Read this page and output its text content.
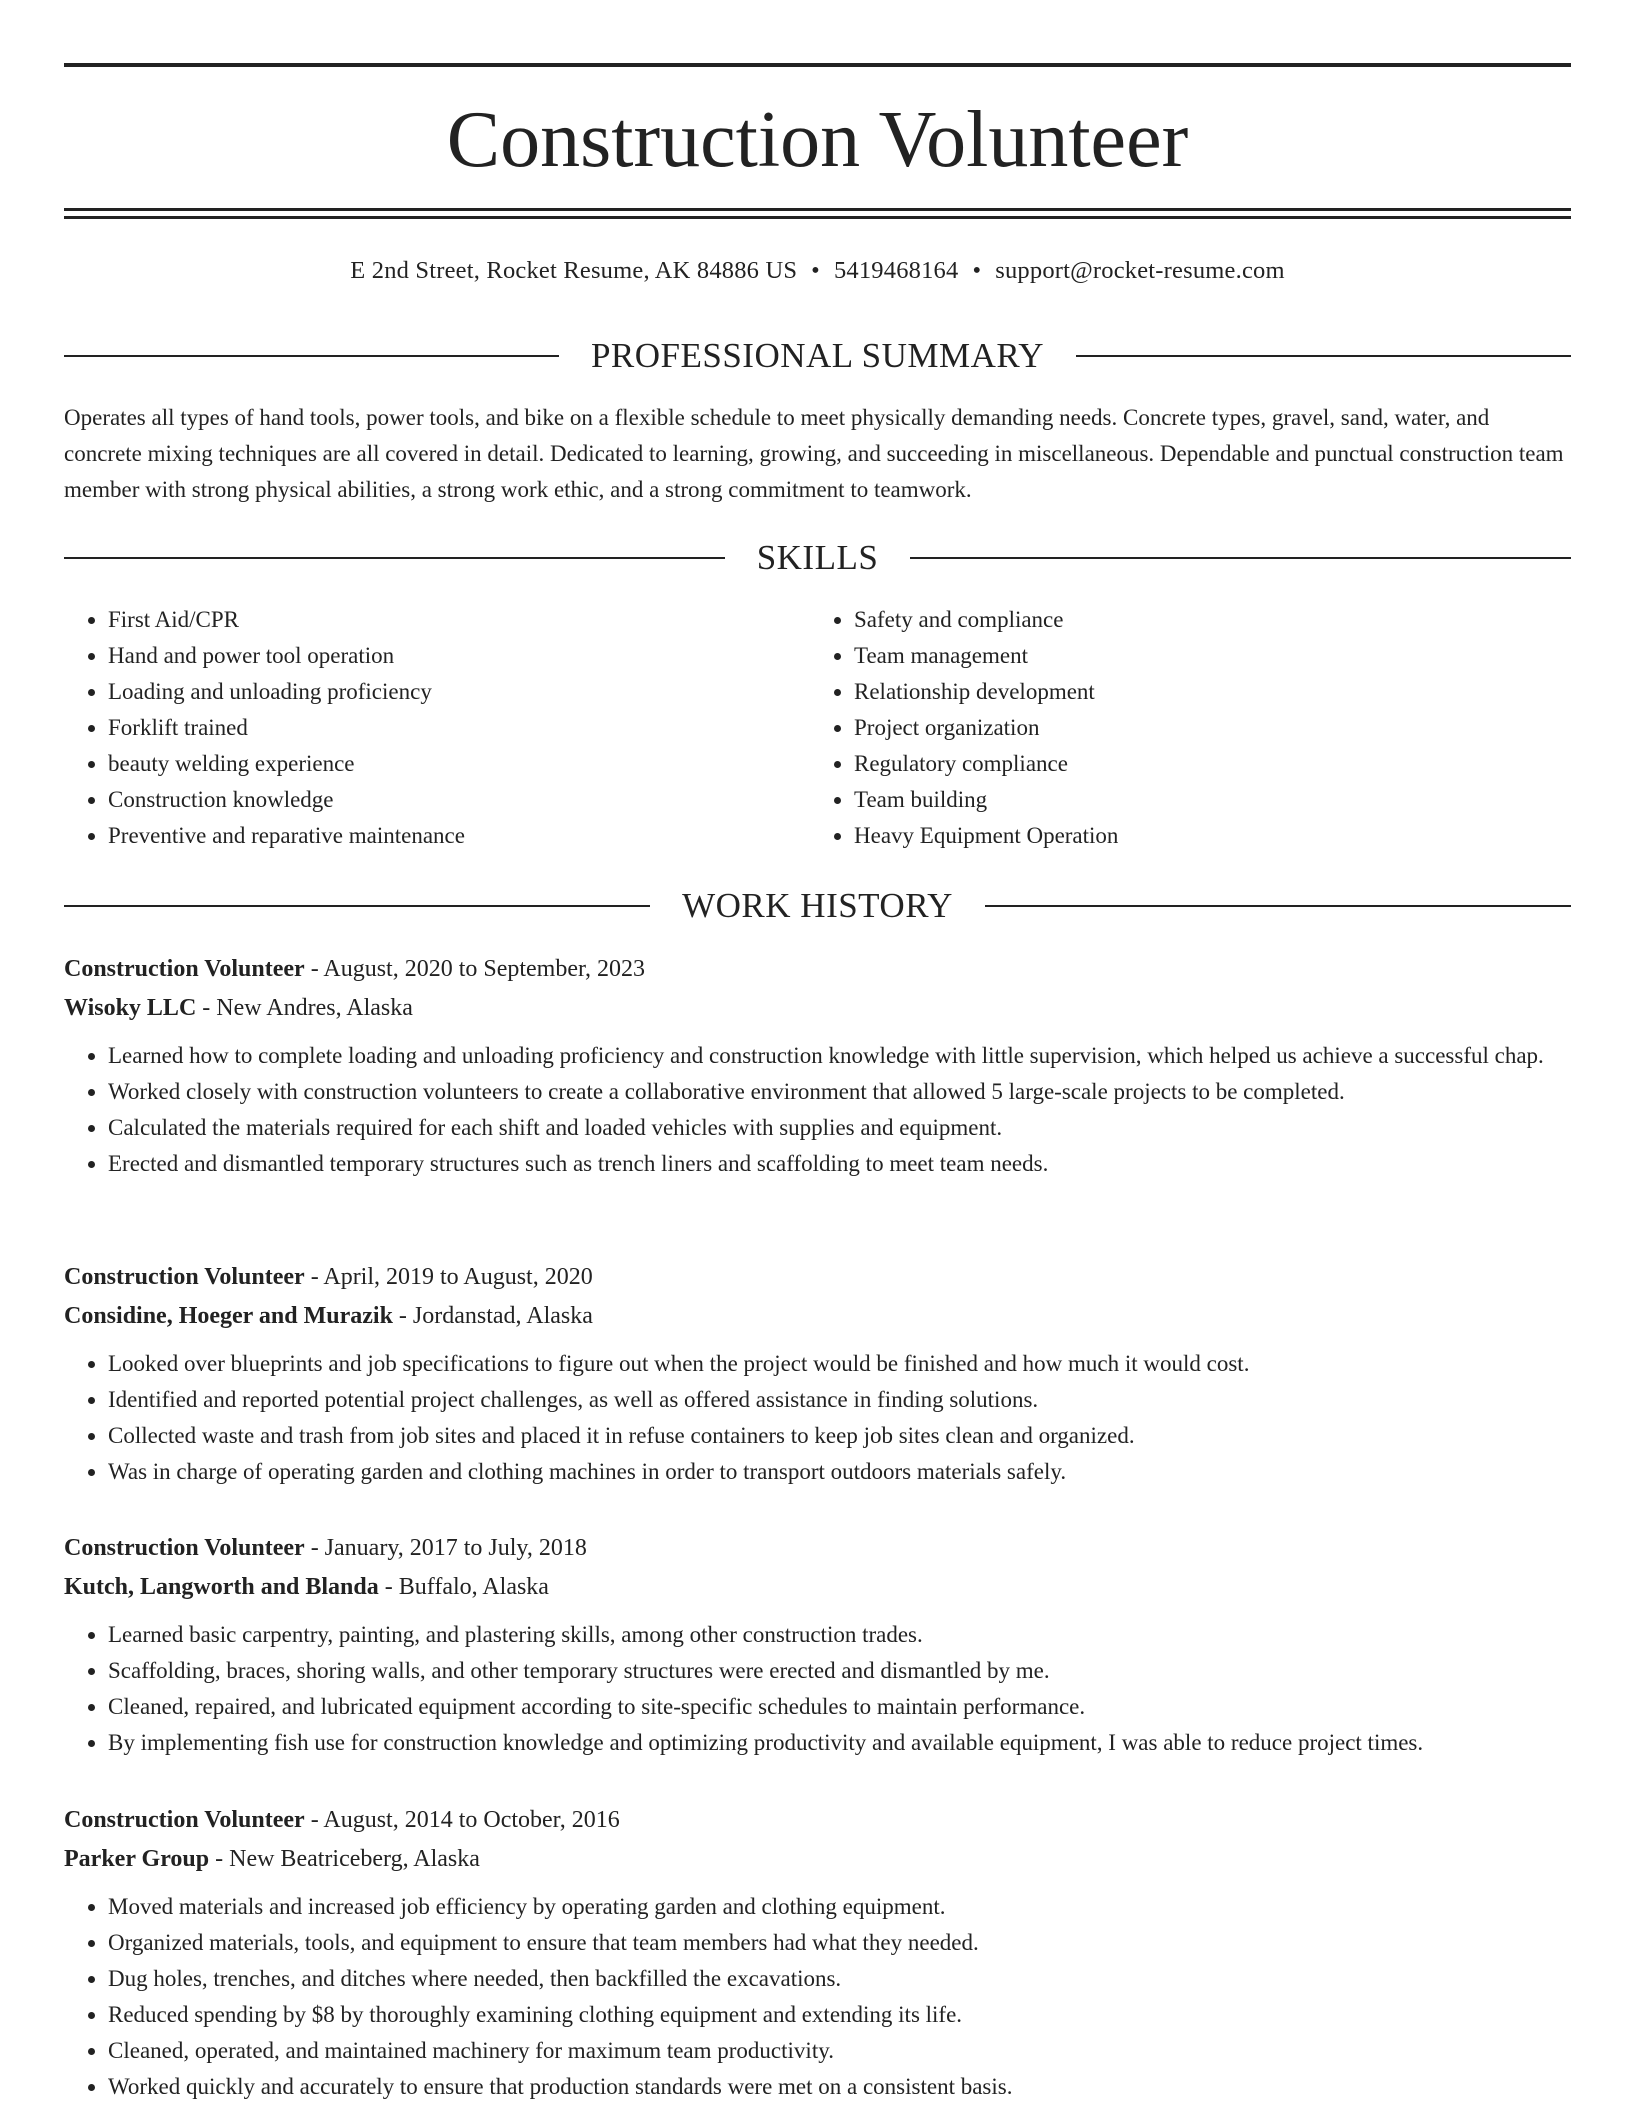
Construction Volunteer
E 2nd Street, Rocket Resume, AK 84886 US • 5419468164 • support@rocket-resume.com
PROFESSIONAL SUMMARY

Operates all types of hand tools, power tools, and bike on a flexible schedule to meet physically demanding needs. Concrete types, gravel, sand, water, and concrete mixing techniques are all covered in detail. Dedicated to learning, growing, and succeeding in miscellaneous. Dependable and punctual construction team member with strong physical abilities, a strong work ethic, and a strong commitment to teamwork.

SKILLS
• First Aid/CPR
• Hand and power tool operation
• Loading and unloading proficiency
• Forklift trained
• beauty welding experience
• Construction knowledge
• Preventive and reparative maintenance
• Safety and compliance
• Team management
• Relationship development
• Project organization
• Regulatory compliance
• Team building
• Heavy Equipment Operation
WORK HISTORY
Construction Volunteer - August, 2020 to September, 2023
Wisoky LLC - New Andres, Alaska
• Learned how to complete loading and unloading proficiency and construction knowledge with little supervision, which helped us achieve a successful chap.
• Worked closely with construction volunteers to create a collaborative environment that allowed 5 large-scale projects to be completed.
• Calculated the materials required for each shift and loaded vehicles with supplies and equipment.
• Erected and dismantled temporary structures such as trench liners and scaffolding to meet team needs.
Construction Volunteer - April, 2019 to August, 2020
Considine, Hoeger and Murazik - Jordanstad, Alaska
• Looked over blueprints and job specifications to figure out when the project would be finished and how much it would cost.
• Identified and reported potential project challenges, as well as offered assistance in finding solutions.
• Collected waste and trash from job sites and placed it in refuse containers to keep job sites clean and organized.
• Was in charge of operating garden and clothing machines in order to transport outdoors materials safely.
Construction Volunteer - January, 2017 to July, 2018
Kutch, Langworth and Blanda - Buffalo, Alaska
• Learned basic carpentry, painting, and plastering skills, among other construction trades.
• Scaffolding, braces, shoring walls, and other temporary structures were erected and dismantled by me.
• Cleaned, repaired, and lubricated equipment according to site-specific schedules to maintain performance.
• By implementing fish use for construction knowledge and optimizing productivity and available equipment, I was able to reduce project times.
Construction Volunteer - August, 2014 to October, 2016
Parker Group - New Beatriceberg, Alaska
• Moved materials and increased job efficiency by operating garden and clothing equipment.
• Organized materials, tools, and equipment to ensure that team members had what they needed.
• Dug holes, trenches, and ditches where needed, then backfilled the excavations.
• Reduced spending by $8 by thoroughly examining clothing equipment and extending its life.
• Cleaned, operated, and maintained machinery for maximum team productivity.
• Worked quickly and accurately to ensure that production standards were met on a consistent basis.
